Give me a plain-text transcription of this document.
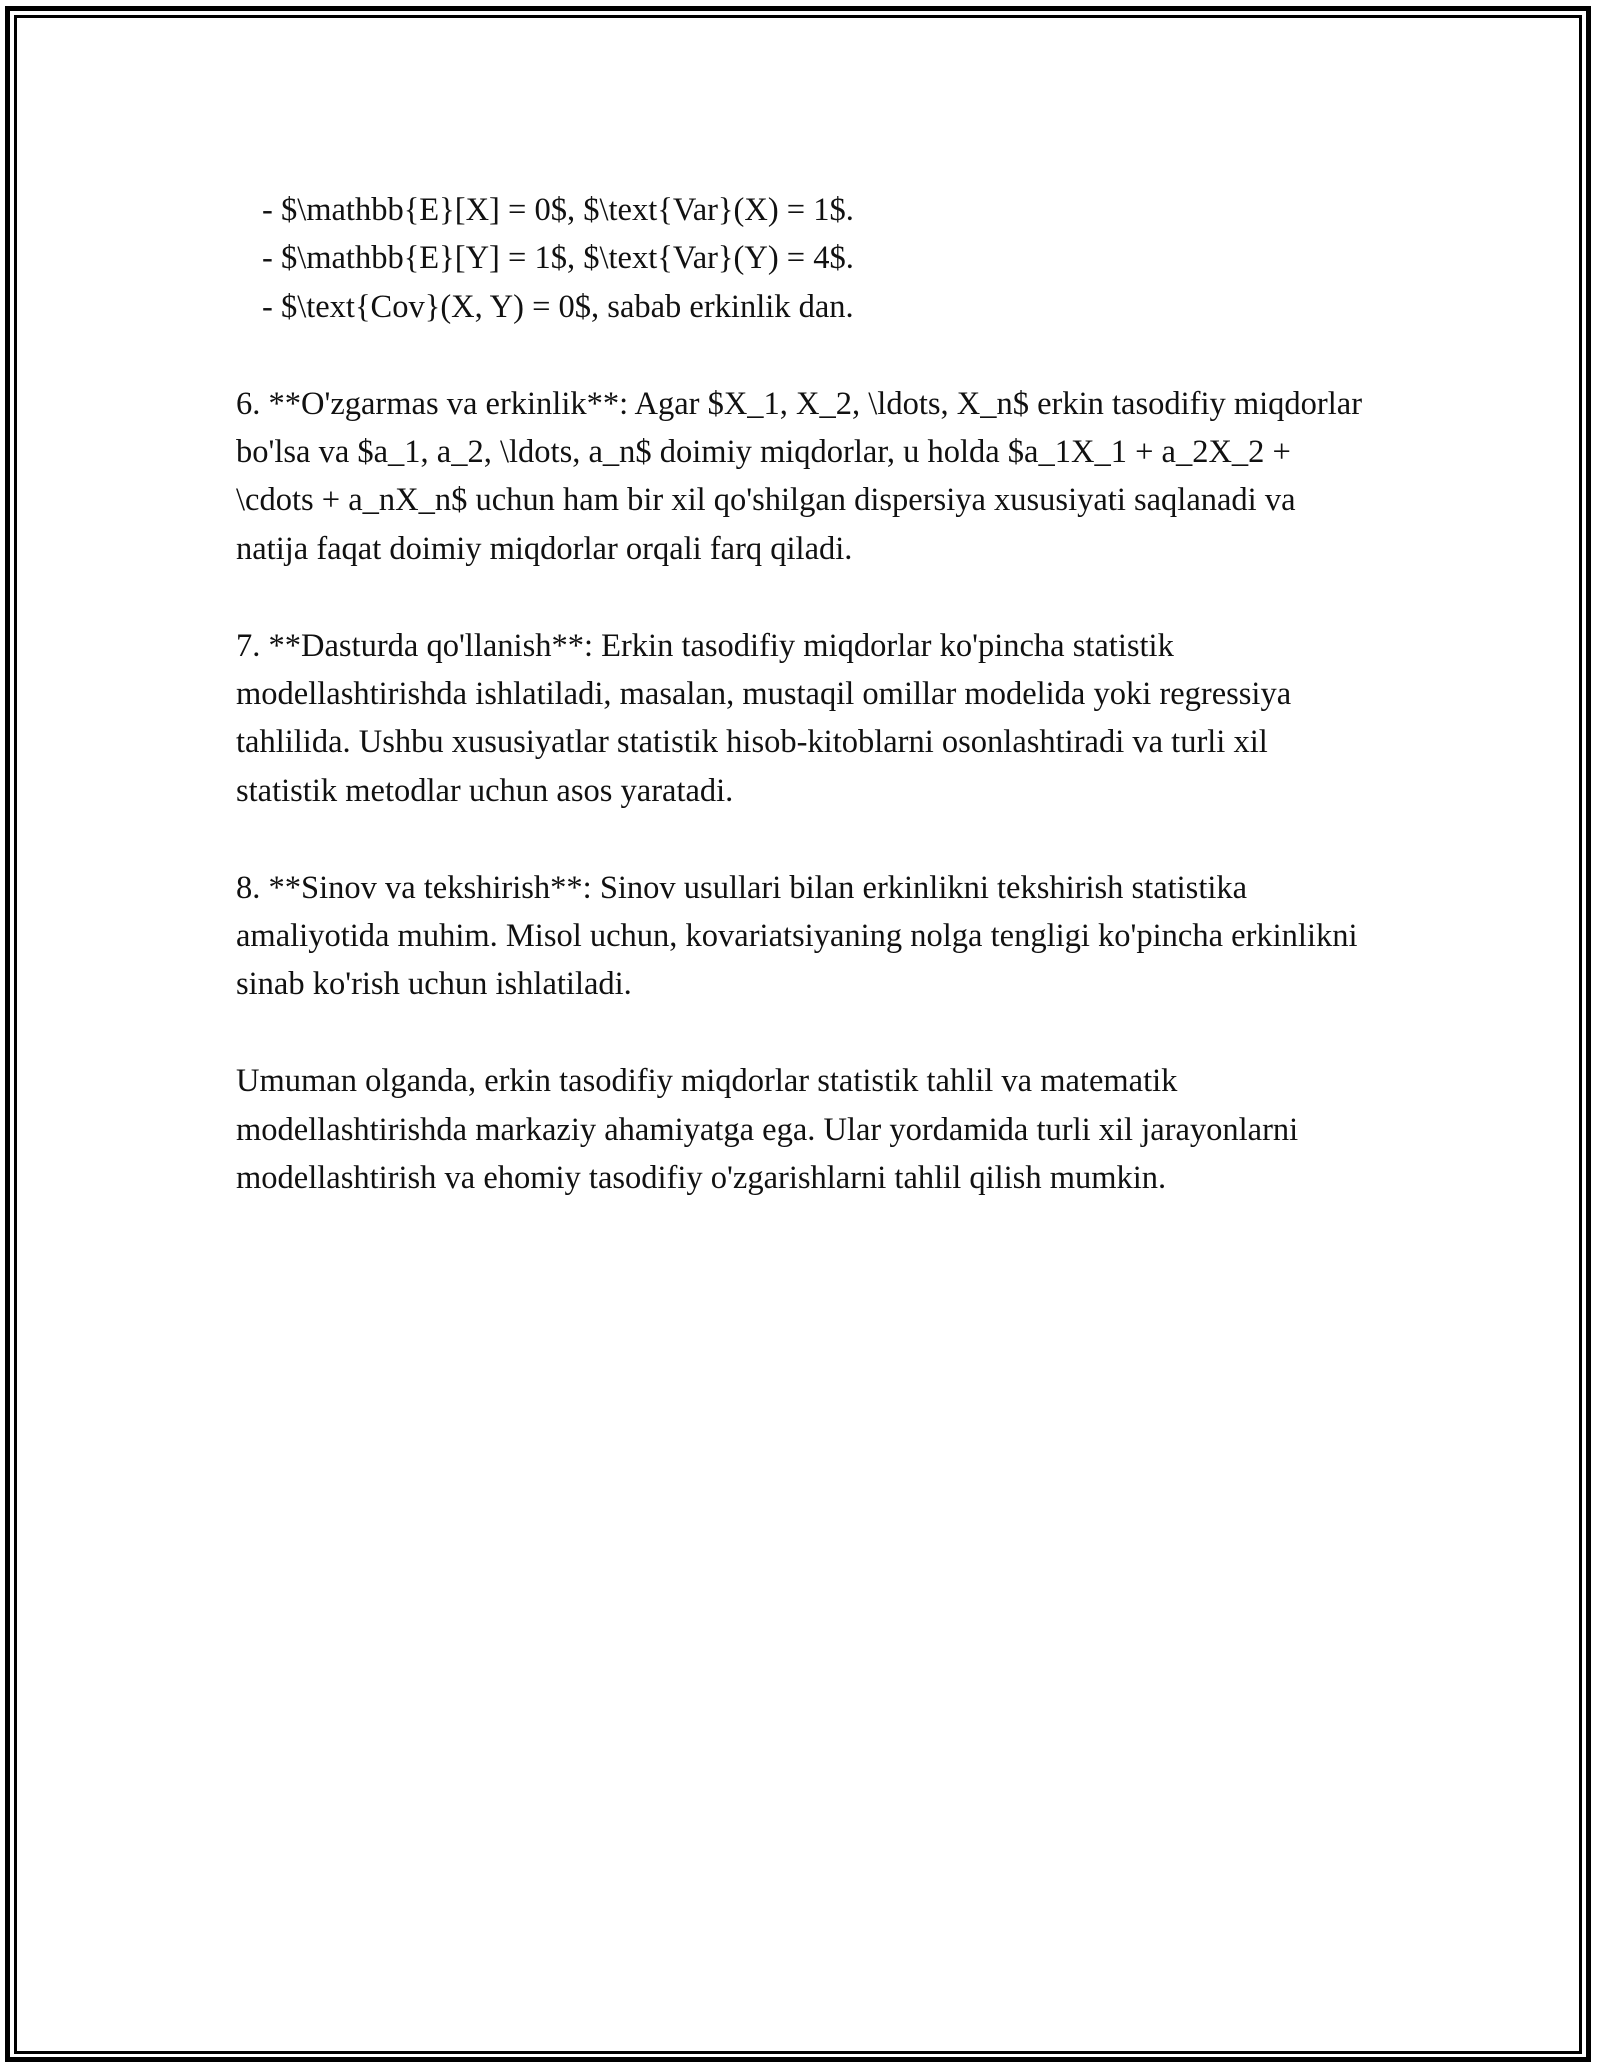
- $\mathbb{E}[X] = 0$, $\text{Var}(X) = 1$.

- $\mathbb{E}[Y] = 1$, $\text{Var}(Y) = 4$.

- $\text{Cov}(X, Y) = 0$, sabab erkinlik dan.

6. **O'zgarmas va erkinlik**: Agar $X_1, X_2, \ldots, X_n$ erkin tasodifiy miqdorlar bo'lsa va $a_1, a_2, \ldots, a_n$ doimiy miqdorlar, u holda $a_1X_1 + a_2X_2 + \cdots + a_nX_n$ uchun ham bir xil qo'shilgan dispersiya xususiyati saqlanadi va natija faqat doimiy miqdorlar orqali farq qiladi.

7. **Dasturda qo'llanish**: Erkin tasodifiy miqdorlar ko'pincha statistik modellashtirishda ishlatiladi, masalan, mustaqil omillar modelida yoki regressiya tahlilida. Ushbu xususiyatlar statistik hisob-kitoblarni osonlashtiradi va turli xil statistik metodlar uchun asos yaratadi.

8. **Sinov va tekshirish**: Sinov usullari bilan erkinlikni tekshirish statistika amaliyotida muhim. Misol uchun, kovariatsiyaning nolga tengligi ko'pincha erkinlikni sinab ko'rish uchun ishlatiladi.

Umuman olganda, erkin tasodifiy miqdorlar statistik tahlil va matematik modellashtirishda markaziy ahamiyatga ega. Ular yordamida turli xil jarayonlarni modellashtirish va ehomiy tasodifiy o'zgarishlarni tahlil qilish mumkin.
